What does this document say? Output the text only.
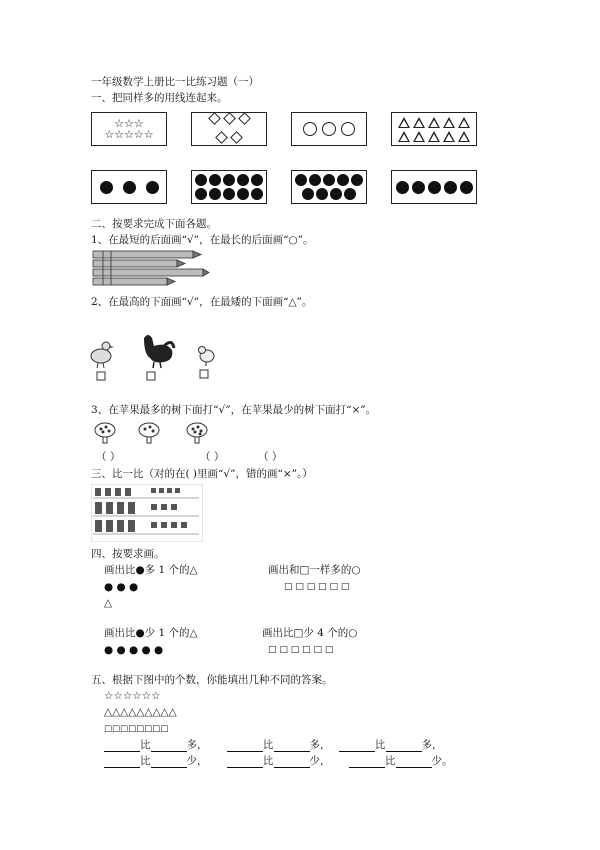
一年级数学上册比一比练习题（一）
一、把同样多的用线连起来。
☆☆☆
☆☆☆☆☆
二、按要求完成下面各题。
1、在最短的后面画“√”，在最长的后面画“○”。
2、在最高的下面画“√”，在最矮的下面画“△”。
3、在苹果最多的树下面打“√”，在苹果最少的树下面打“×”。
（ ）	（ ）	（ ）
三、比一比（对的在( )里画“√”，错的画“×”。）
四、按要求画。
画出比●多 1 个的△
● ● ●
△
画出和□一样多的○
□ □ □ □ □ □
画出比●少 1 个的△
● ● ● ● ●
画出比□少 4 个的○
□ □ □ □ □ □
五、根据下图中的个数，你能填出几种不同的答案。
☆☆☆☆☆☆
△△△△△△△△△
□□□□□□□□
比	多，	比	多，	比	多，
比	少，	比	少，	比	少。
